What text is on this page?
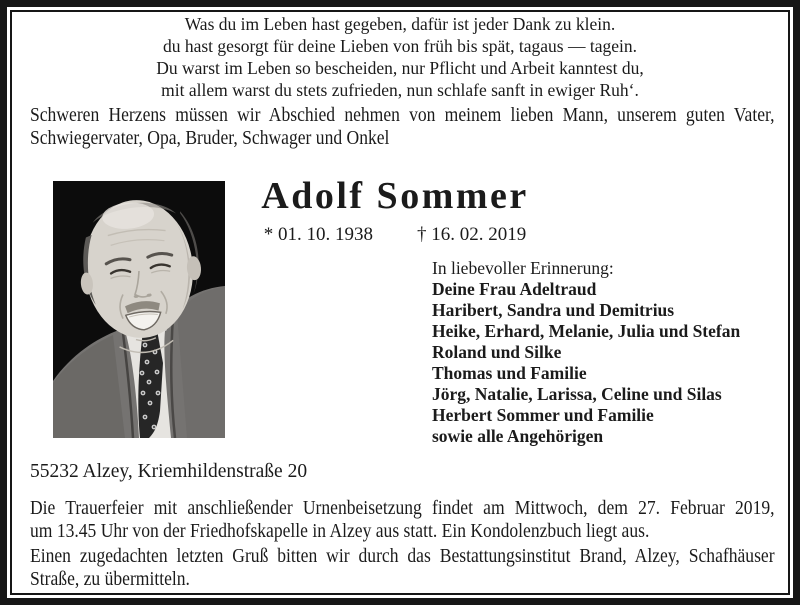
Was du im Leben hast gegeben, dafür ist jeder Dank zu klein.
du hast gesorgt für deine Lieben von früh bis spät, tagaus — tagein.
Du warst im Leben so bescheiden, nur Pflicht und Arbeit kanntest du,
mit allem warst du stets zufrieden, nun schlafe sanft in ewiger Ruh‘.
Schweren Herzens müssen wir Abschied nehmen von meinem lieben Mann, unserem guten Vater,
Schwiegervater, Opa, Bruder, Schwager und Onkel
Adolf Sommer
* 01. 10. 1938 † 16. 02. 2019
In liebevoller Erinnerung:
Deine Frau Adeltraud
Haribert, Sandra und Demitrius
Heike, Erhard, Melanie, Julia und Stefan
Roland und Silke
Thomas und Familie
Jörg, Natalie, Larissa, Celine und Silas
Herbert Sommer und Familie
sowie alle Angehörigen
55232 Alzey, Kriemhildenstraße 20
Die Trauerfeier mit anschließender Urnenbeisetzung findet am Mittwoch, dem 27. Februar 2019,
um 13.45 Uhr von der Friedhofskapelle in Alzey aus statt. Ein Kondolenzbuch liegt aus.
Einen zugedachten letzten Gruß bitten wir durch das Bestattungsinstitut Brand, Alzey, Schafhäuser
Straße, zu übermitteln.
